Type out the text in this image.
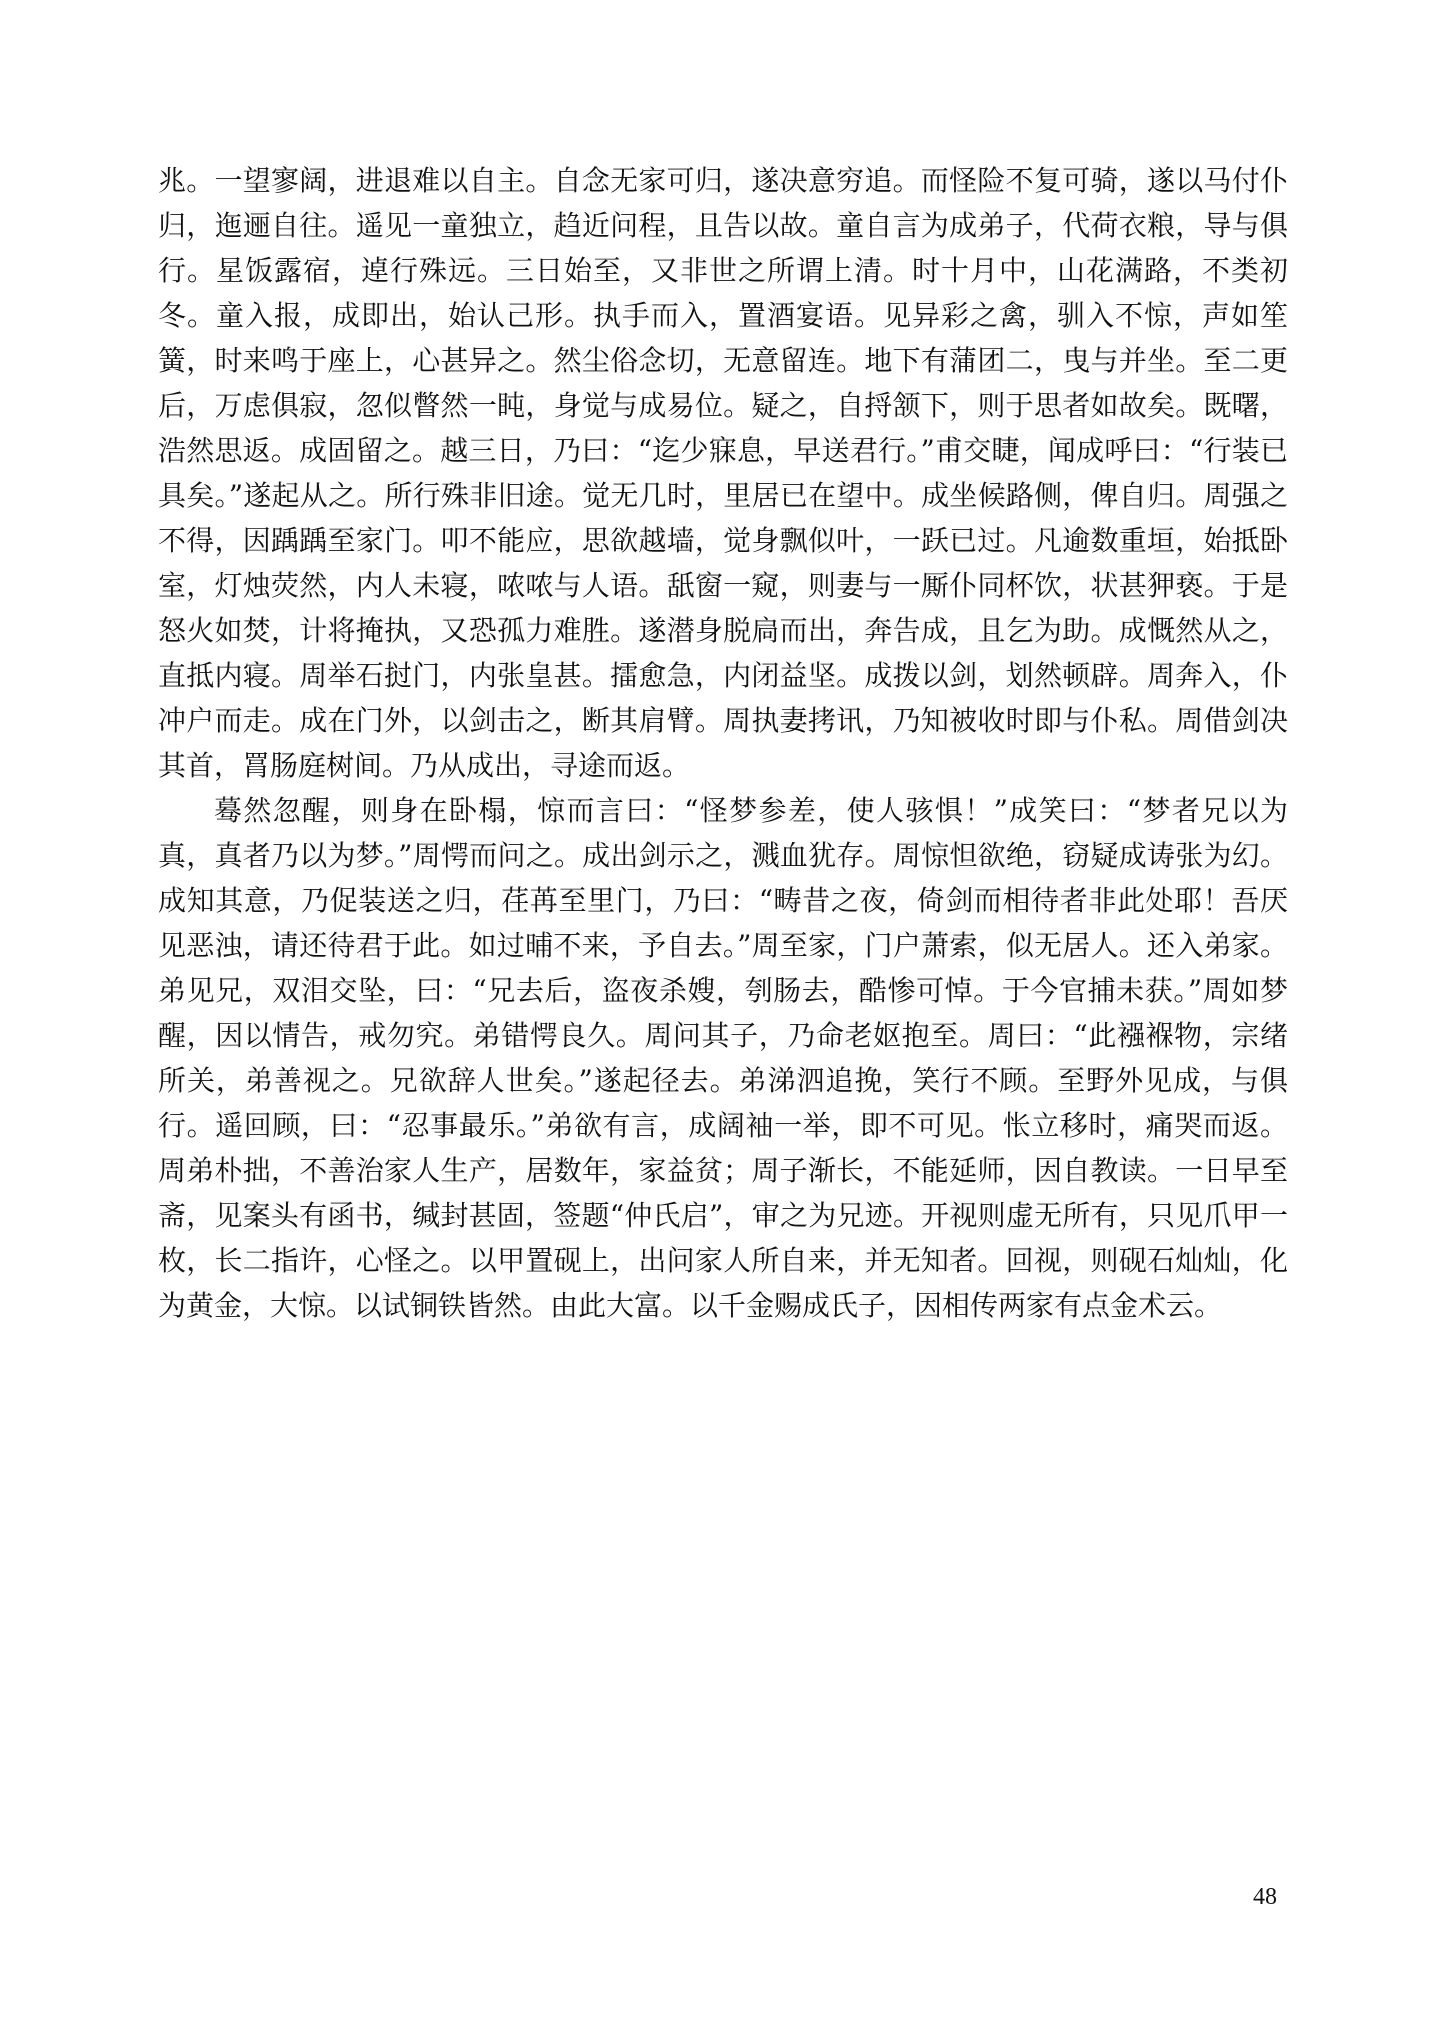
兆。一望寥阔，进退难以自主。自念无家可归，遂决意穷追。而怪险不复可骑，遂以马付仆归，迤逦自往。遥见一童独立，趋近问程，且告以故。童自言为成弟子，代荷衣粮，导与俱行。星饭露宿，逴行殊远。三日始至，又非世之所谓上清。时十月中，山花满路，不类初冬。童入报，成即出，始认己形。执手而入，置酒宴语。见异彩之禽，驯入不惊，声如笙簧，时来鸣于座上，心甚异之。然尘俗念切，无意留连。地下有蒲团二，曳与并坐。至二更后，万虑俱寂，忽似瞥然一盹，身觉与成易位。疑之，自捋颔下，则于思者如故矣。既曙，浩然思返。成固留之。越三日，乃曰：“迄少寐息，早送君行。”甫交睫，闻成呼曰：“行装已具矣。”遂起从之。所行殊非旧途。觉无几时，里居已在望中。成坐候路侧，俾自归。周强之不得，因踽踽至家门。叩不能应，思欲越墙，觉身飘似叶，一跃已过。凡逾数重垣，始抵卧室，灯烛荧然，内人未寝，哝哝与人语。舐窗一窥，则妻与一厮仆同杯饮，状甚狎亵。于是怒火如焚，计将掩执，又恐孤力难胜。遂潜身脱扃而出，奔告成，且乞为助。成慨然从之，直抵内寝。周举石挝门，内张皇甚。擂愈急，内闭益坚。成拨以剑，划然顿辟。周奔入，仆冲户而走。成在门外，以剑击之，断其肩臂。周执妻拷讯，乃知被收时即与仆私。周借剑决其首，罥肠庭树间。乃从成出，寻途而返。

蓦然忽醒，则身在卧榻，惊而言曰：“怪梦参差，使人骇惧！”成笑曰：“梦者兄以为真，真者乃以为梦。”周愕而问之。成出剑示之，溅血犹存。周惊怛欲绝，窃疑成诪张为幻。成知其意，乃促装送之归，荏苒至里门，乃曰：“畴昔之夜，倚剑而相待者非此处耶！吾厌见恶浊，请还待君于此。如过晡不来，予自去。”周至家，门户萧索，似无居人。还入弟家。弟见兄，双泪交坠，曰：“兄去后，盗夜杀嫂，刳肠去，酷惨可悼。于今官捕未获。”周如梦醒，因以情告，戒勿究。弟错愕良久。周问其子，乃命老妪抱至。周曰：“此襁褓物，宗绪所关，弟善视之。兄欲辞人世矣。”遂起径去。弟涕泗追挽，笑行不顾。至野外见成，与俱行。遥回顾，曰：“忍事最乐。”弟欲有言，成阔袖一举，即不可见。怅立移时，痛哭而返。周弟朴拙，不善治家人生产，居数年，家益贫；周子渐长，不能延师，因自教读。一日早至斋，见案头有函书，缄封甚固，签题“仲氏启”，审之为兄迹。开视则虚无所有，只见爪甲一枚，长二指许，心怪之。以甲置砚上，出问家人所自来，并无知者。回视，则砚石灿灿，化为黄金，大惊。以试铜铁皆然。由此大富。以千金赐成氏子，因相传两家有点金术云。

48
